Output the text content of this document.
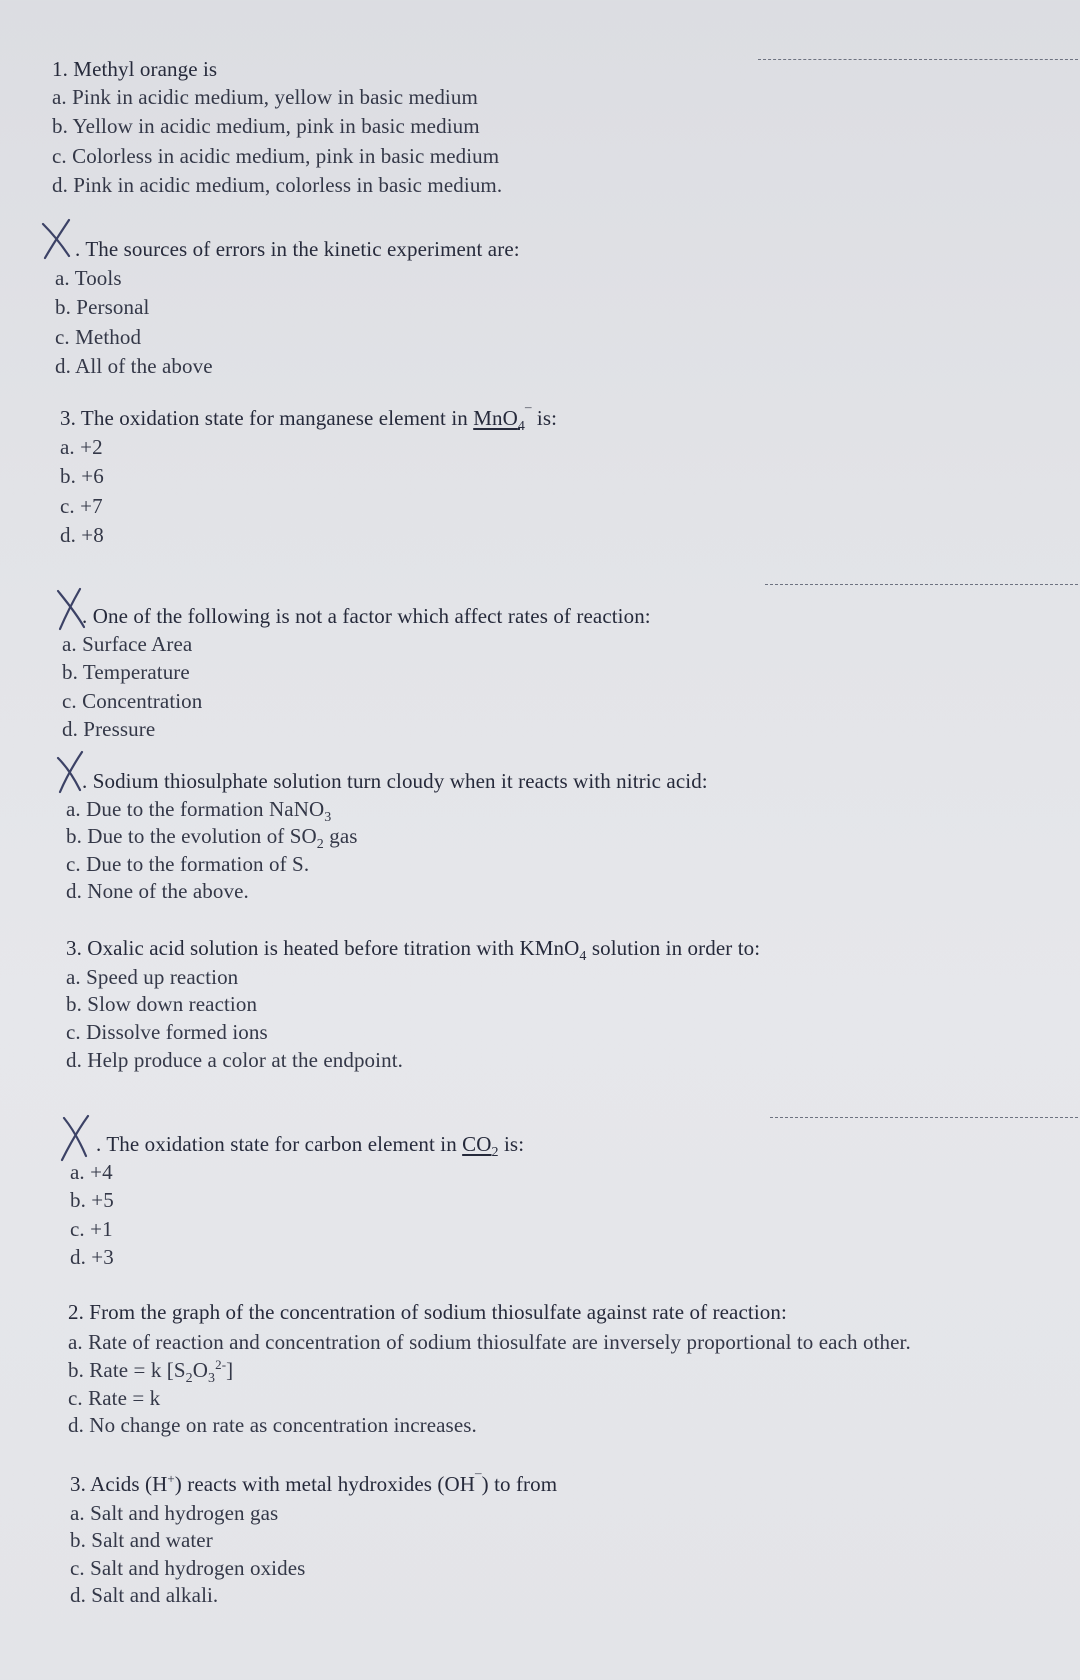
1. Methyl orange is
a. Pink in acidic medium, yellow in basic medium
b. Yellow in acidic medium, pink in basic medium
c. Colorless in acidic medium, pink in basic medium
d. Pink in acidic medium, colorless in basic medium.
. The sources of errors in the kinetic experiment are:
a. Tools
b. Personal
c. Method
d. All of the above
3. The oxidation state for manganese element in MnO$_4$¯ is:
a. +2
b. +6
c. +7
d. +8
. One of the following is not a factor which affect rates of reaction:
a. Surface Area
b. Temperature
c. Concentration
d. Pressure
. Sodium thiosulphate solution turn cloudy when it reacts with nitric acid:
a. Due to the formation NaNO$_3$
b. Due to the evolution of $SO_2$ gas
c. Due to the formation of S.
d. None of the above.
3. Oxalic acid solution is heated before titration with KMnO$_4$ solution in order to:
a. Speed up reaction
b. Slow down reaction
c. Dissolve formed ions
d. Help produce a color at the endpoint.
. The oxidation state for carbon element in $CO_2$ is:
a. +4
b. +5
c. +1
d. +3
2. From the graph of the concentration of sodium thiosulfate against rate of reaction:
a. Rate of reaction and concentration of sodium thiosulfate are inversely proportional to each other.
b. Rate = k $[S_2O_3^{2-}]$
c. Rate = k
d. No change on rate as concentration increases.
3. Acids (H+) reacts with metal hydroxides (OH¯) to from
a. Salt and hydrogen gas
b. Salt and water
c. Salt and hydrogen oxides
d. Salt and alkali.
